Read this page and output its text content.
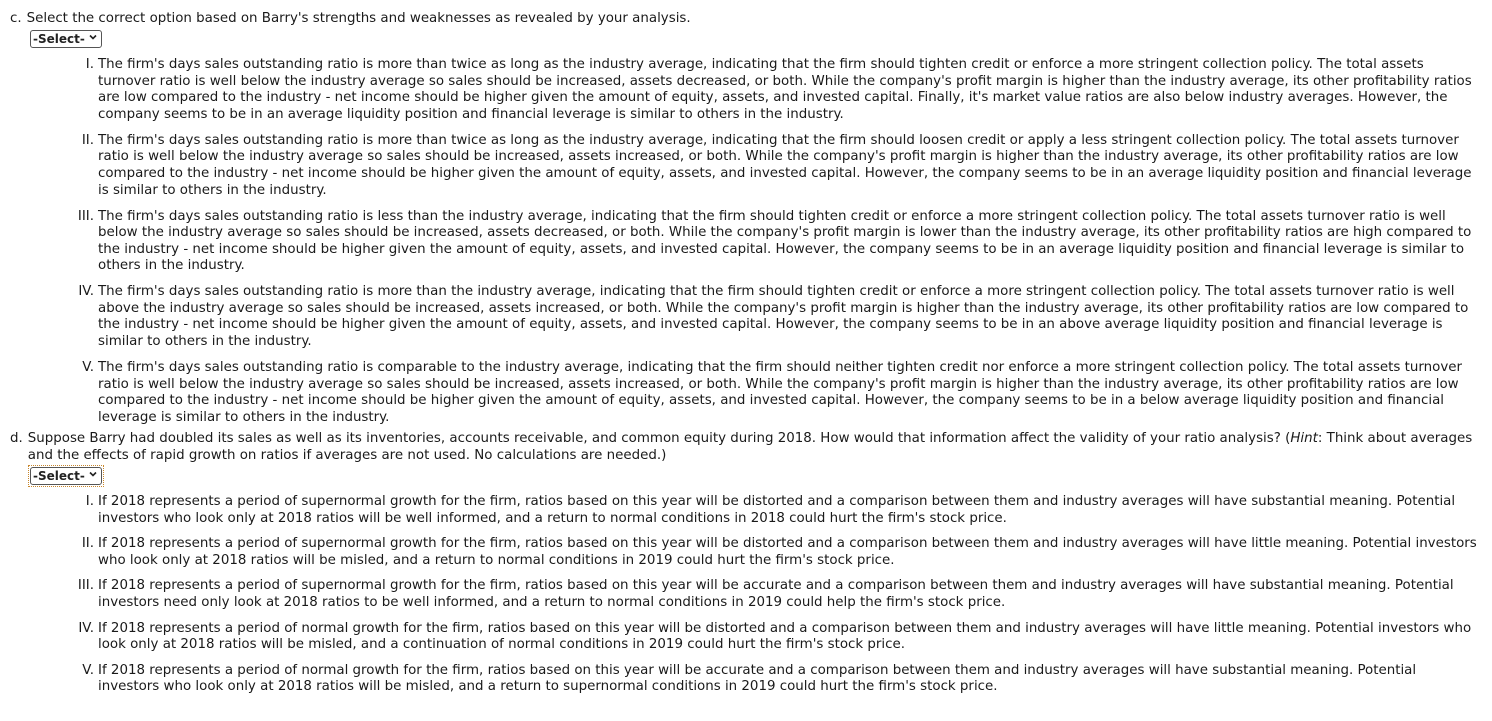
c. Select the correct option based on Barry's strengths and weaknesses as revealed by your analysis.
-Select-
I. The firm's days sales outstanding ratio is more than twice as long as the industry average, indicating that the firm should tighten credit or enforce a more stringent collection policy. The total assets turnover ratio is well below the industry average so sales should be increased, assets decreased, or both. While the company's profit margin is higher than the industry average, its other profitability ratios are low compared to the industry - net income should be higher given the amount of equity, assets, and invested capital. Finally, it's market value ratios are also below industry averages. However, the company seems to be in an average liquidity position and financial leverage is similar to others in the industry.
II. The firm's days sales outstanding ratio is more than twice as long as the industry average, indicating that the firm should loosen credit or apply a less stringent collection policy. The total assets turnover ratio is well below the industry average so sales should be increased, assets increased, or both. While the company's profit margin is higher than the industry average, its other profitability ratios are low compared to the industry - net income should be higher given the amount of equity, assets, and invested capital. However, the company seems to be in an average liquidity position and financial leverage is similar to others in the industry.
III. The firm's days sales outstanding ratio is less than the industry average, indicating that the firm should tighten credit or enforce a more stringent collection policy. The total assets turnover ratio is well below the industry average so sales should be increased, assets decreased, or both. While the company's profit margin is lower than the industry average, its other profitability ratios are high compared to the industry - net income should be higher given the amount of equity, assets, and invested capital. However, the company seems to be in an average liquidity position and financial leverage is similar to others in the industry.
IV. The firm's days sales outstanding ratio is more than the industry average, indicating that the firm should tighten credit or enforce a more stringent collection policy. The total assets turnover ratio is well above the industry average so sales should be increased, assets increased, or both. While the company's profit margin is higher than the industry average, its other profitability ratios are low compared to the industry - net income should be higher given the amount of equity, assets, and invested capital. However, the company seems to be in an above average liquidity position and financial leverage is similar to others in the industry.
V. The firm's days sales outstanding ratio is comparable to the industry average, indicating that the firm should neither tighten credit nor enforce a more stringent collection policy. The total assets turnover ratio is well below the industry average so sales should be increased, assets increased, or both. While the company's profit margin is higher than the industry average, its other profitability ratios are low compared to the industry - net income should be higher given the amount of equity, assets, and invested capital. However, the company seems to be in a below average liquidity position and financial leverage is similar to others in the industry.
d. Suppose Barry had doubled its sales as well as its inventories, accounts receivable, and common equity during 2018. How would that information affect the validity of your ratio analysis? (Hint: Think about averages and the effects of rapid growth on ratios if averages are not used. No calculations are needed.)
-Select-
I. If 2018 represents a period of supernormal growth for the firm, ratios based on this year will be distorted and a comparison between them and industry averages will have substantial meaning. Potential investors who look only at 2018 ratios will be well informed, and a return to normal conditions in 2018 could hurt the firm's stock price.
II. If 2018 represents a period of supernormal growth for the firm, ratios based on this year will be distorted and a comparison between them and industry averages will have little meaning. Potential investors who look only at 2018 ratios will be misled, and a return to normal conditions in 2019 could hurt the firm's stock price.
III. If 2018 represents a period of supernormal growth for the firm, ratios based on this year will be accurate and a comparison between them and industry averages will have substantial meaning. Potential investors need only look at 2018 ratios to be well informed, and a return to normal conditions in 2019 could help the firm's stock price.
IV. If 2018 represents a period of normal growth for the firm, ratios based on this year will be distorted and a comparison between them and industry averages will have little meaning. Potential investors who look only at 2018 ratios will be misled, and a continuation of normal conditions in 2019 could hurt the firm's stock price.
V. If 2018 represents a period of normal growth for the firm, ratios based on this year will be accurate and a comparison between them and industry averages will have substantial meaning. Potential investors who look only at 2018 ratios will be misled, and a return to supernormal conditions in 2019 could hurt the firm's stock price.
